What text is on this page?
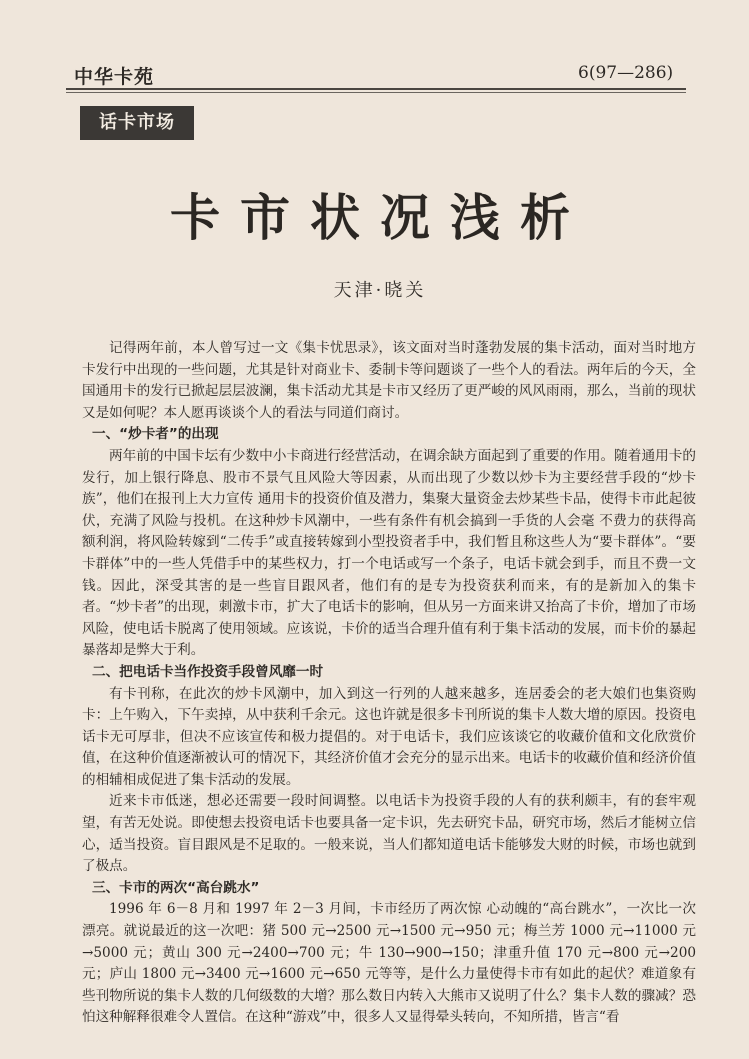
中华卡苑	6(97—286)
话卡市场
卡市状况浅析
天津·晓关

记得两年前，本人曾写过一文《集卡忧思录》，该文面对当时蓬勃发展的集卡活动，面对当时地方卡发行中出现的一些问题，尤其是针对商业卡、委制卡等问题谈了一些个人的看法。两年后的今天，全国通用卡的发行已掀起层层波澜，集卡活动尤其是卡市又经历了更严峻的风风雨雨，那么，当前的现状又是如何呢？本人愿再谈谈个人的看法与同道们商讨。

一、“炒卡者”的出现

两年前的中国卡坛有少数中小卡商进行经营活动，在调余缺方面起到了重要的作用。随着通用卡的发行，加上银行降息、股市不景气且风险大等因素，从而出现了少数以炒卡为主要经营手段的“炒卡族”，他们在报刊上大力宣传 通用卡的投资价值及潜力，集聚大量资金去炒某些卡品，使得卡市此起彼伏，充满了风险与投机。在这种炒卡风潮中，一些有条件有机会搞到一手货的人会毫 不费力的获得高额利润，将风险转嫁到“二传手”或直接转嫁到小型投资者手中，我们暂且称这些人为“要卡群体”。“要卡群体”中的一些人凭借手中的某些权力，打一个电话或写一个条子，电话卡就会到手，而且不费一文钱。因此，深受其害的是一些盲目跟风者，他们有的是专为投资获利而来，有的是新加入的集卡者。“炒卡者”的出现，刺激卡市，扩大了电话卡的影响，但从另一方面来讲又抬高了卡价，增加了市场风险，使电话卡脱离了使用领域。应该说，卡价的适当合理升值有利于集卡活动的发展，而卡价的暴起暴落却是弊大于利。

二、把电话卡当作投资手段曾风靡一时

有卡刊称，在此次的炒卡风潮中，加入到这一行列的人越来越多，连居委会的老大娘们也集资购卡：上午购入，下午卖掉，从中获利千余元。这也许就是很多卡刊所说的集卡人数大增的原因。投资电话卡无可厚非，但决不应该宣传和极力提倡的。对于电话卡，我们应该谈它的收藏价值和文化欣赏价值，在这种价值逐渐被认可的情况下，其经济价值才会充分的显示出来。电话卡的收藏价值和经济价值的相辅相成促进了集卡活动的发展。

近来卡市低迷，想必还需要一段时间调整。以电话卡为投资手段的人有的获利颇丰，有的套牢观望，有苦无处说。即使想去投资电话卡也要具备一定卡识，先去研究卡品，研究市场，然后才能树立信心，适当投资。盲目跟风是不足取的。一般来说，当人们都知道电话卡能够发大财的时候，市场也就到了极点。

三、卡市的两次“高台跳水”

1996 年 6－8 月和 1997 年 2－3 月间，卡市经历了两次惊 心动魄的“高台跳水”，一次比一次漂亮。就说最近的这一次吧：猪 500 元→2500 元→1500 元→950 元；梅兰芳 1000 元→11000 元→5000 元；黄山 300 元→2400→700 元；牛 130→900→150；津重升值 170 元→800 元→200 元；庐山 1800 元→3400 元→1600 元→650 元等等，是什么力量使得卡市有如此的起伏？难道象有些刊物所说的集卡人数的几何级数的大增？那么数日内转入大熊市又说明了什么？集卡人数的骤减？恐怕这种解释很难令人置信。在这种“游戏”中，很多人又显得晕头转向，不知所措，皆言“看
